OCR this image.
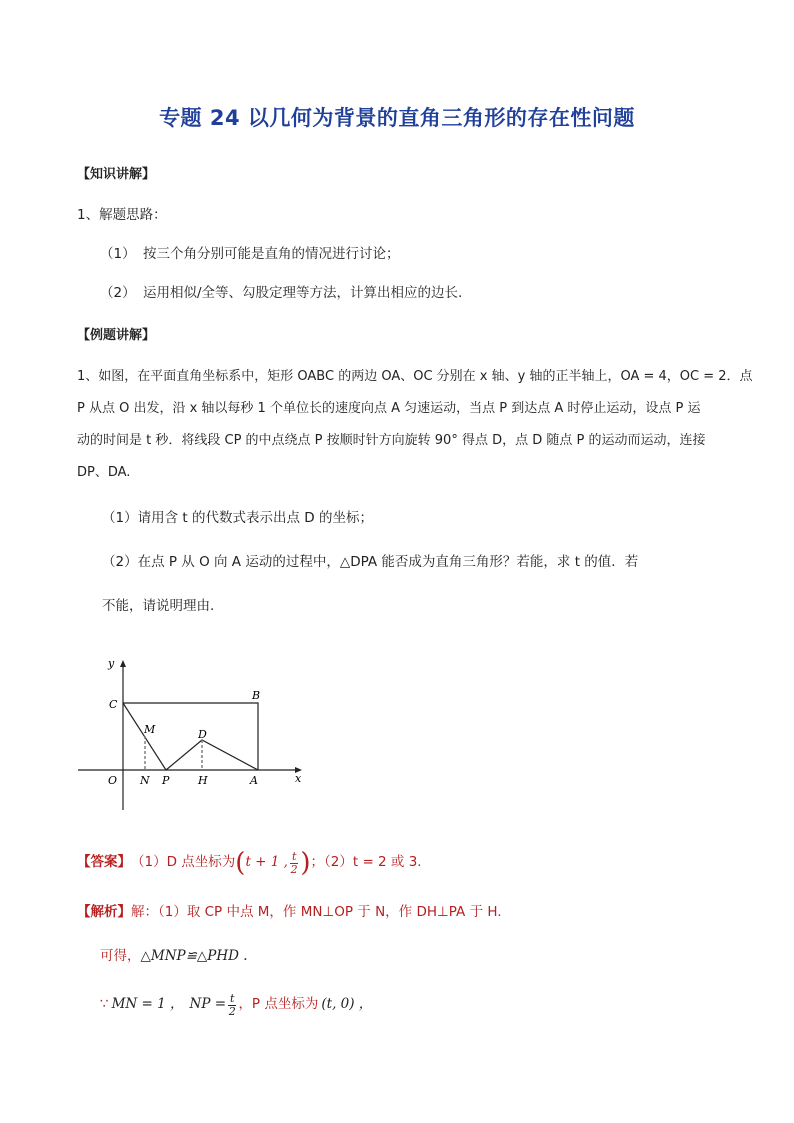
专题 24 以几何为背景的直角三角形的存在性问题
【知识讲解】
1、解题思路：
（1） 按三个角分别可能是直角的情况进行讨论；
（2） 运用相似/全等、勾股定理等方法，计算出相应的边长.
【例题讲解】
1、如图，在平面直角坐标系中，矩形 OABC 的两边 OA、OC 分别在 x 轴、y 轴的正半轴上，OA = 4，OC = 2．点
P 从点 O 出发，沿 x 轴以每秒 1 个单位长的速度向点 A 匀速运动，当点 P 到达点 A 时停止运动，设点 P 运
动的时间是 t 秒．将线段 CP 的中点绕点 P 按顺时针方向旋转 90° 得点 D，点 D 随点 P 的运动而运动，连接
DP、DA.
（1）请用含 t 的代数式表示出点 D 的坐标；
（2）在点 P 从 O 向 A 运动的过程中，△DPA 能否成为直角三角形？若能，求 t 的值．若
不能，请说明理由.
y
x
O
C
B
M	D
N P	H	A
【答案】 （1）D 点坐标为 ( t + 1 , $\frac{t}{2}$ ) ；（2）t = 2 或 3.
【解析】解：（1）取 CP 中点 M，作 MN⊥OP 于 N，作 DH⊥PA 于 H.
可得，△MNP≌△PHD .
∵ MN = 1 ， NP = $\frac{t}{2}$ ，P 点坐标为 (t, 0) ，
